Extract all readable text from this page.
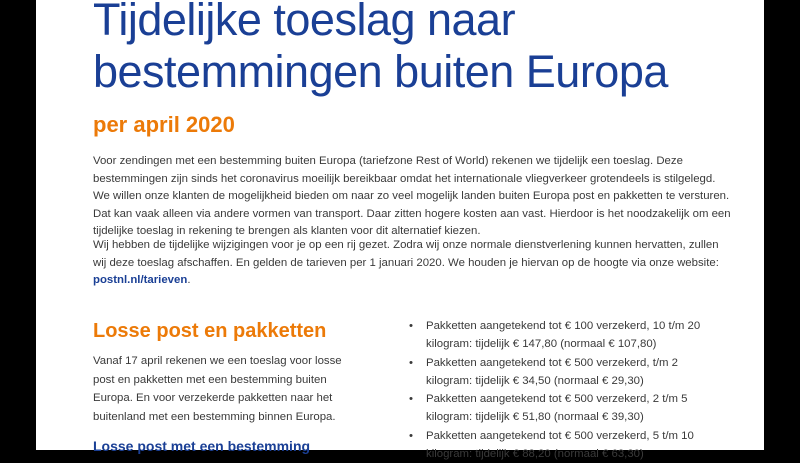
Tijdelijke toeslag naar
bestemmingen buiten Europa
per april 2020

Voor zendingen met een bestemming buiten Europa (tariefzone Rest of World) rekenen we tijdelijk een toeslag. Deze bestemmingen zijn sinds het coronavirus moeilijk bereikbaar omdat het internationale vliegverkeer grotendeels is stilgelegd. We willen onze klanten de mogelijkheid bieden om naar zo veel mogelijk landen buiten Europa post en pakketten te versturen. Dat kan vaak alleen via andere vormen van transport. Daar zitten hogere kosten aan vast. Hierdoor is het noodzakelijk om een tijdelijke toeslag in rekening te brengen als klanten voor dit alternatief kiezen.

Wij hebben de tijdelijke wijzigingen voor je op een rij gezet. Zodra wij onze normale dienstverlening kunnen hervatten, zullen wij deze toeslag afschaffen. En gelden de tarieven per 1 januari 2020. We houden je hiervan op de hoogte via onze website: postnl.nl/tarieven.

Losse post en pakketten

Vanaf 17 april rekenen we een toeslag voor losse post en pakketten met een bestemming buiten Europa. En voor verzekerde pakketten naar het buitenland met een bestemming binnen Europa.

Losse post met een bestemming
• Pakketten aangetekend tot € 100 verzekerd, 10 t/m 20 kilogram: tijdelijk € 147,80 (normaal € 107,80)
• Pakketten aangetekend tot € 500 verzekerd, t/m 2 kilogram: tijdelijk € 34,50 (normaal € 29,30)
• Pakketten aangetekend tot € 500 verzekerd, 2 t/m 5 kilogram: tijdelijk € 51,80 (normaal € 39,30)
• Pakketten aangetekend tot € 500 verzekerd, 5 t/m 10 kilogram: tijdelijk € 88,20 (normaal € 63,30)
